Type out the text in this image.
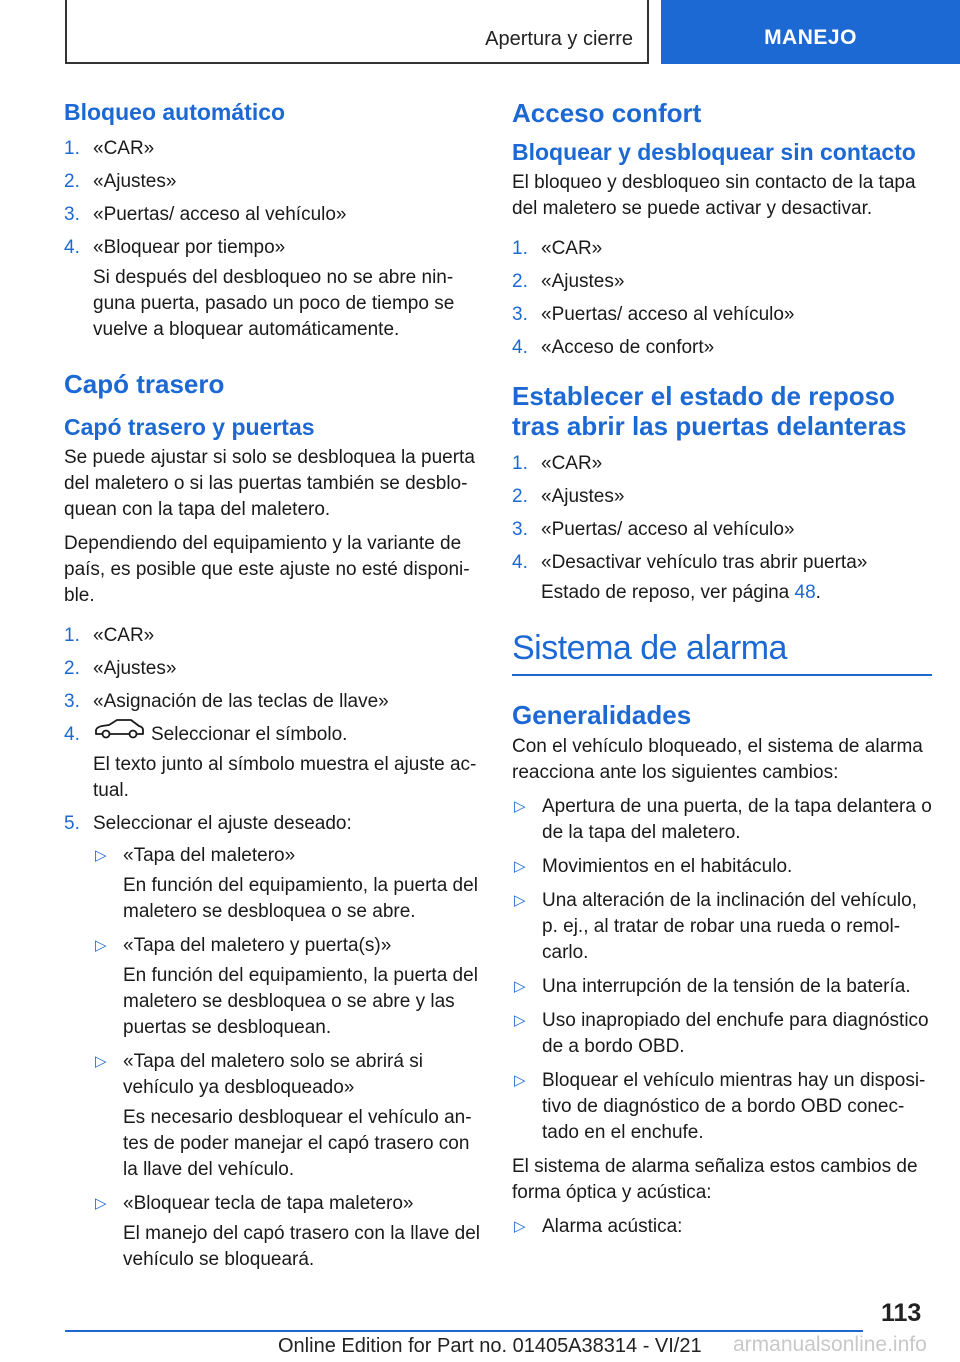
Apertura y cierre	MANEJO
Bloqueo automático
1. «CAR»
2. «Ajustes»
3. «Puertas/ acceso al vehículo»
4. «Bloquear por tiempo»
Si después del desbloqueo no se abre nin‐ guna puerta, pasado un poco de tiempo se vuelve a bloquear automáticamente.
Capó trasero
Capó trasero y puertas

Se puede ajustar si solo se desbloquea la puerta del maletero o si las puertas también se desblo‐ quean con la tapa del maletero.

Dependiendo del equipamiento y la variante de país, es posible que este ajuste no esté disponi‐ ble.

1. «CAR»
2. «Ajustes»
3. «Asignación de las teclas de llave»
4.	Seleccionar el símbolo.
El texto junto al símbolo muestra el ajuste ac‐ tual.
5. Seleccionar el ajuste deseado:
▷ «Tapa del maletero»
En función del equipamiento, la puerta del maletero se desbloquea o se abre.
▷ «Tapa del maletero y puerta(s)»
En función del equipamiento, la puerta del maletero se desbloquea o se abre y las puertas se desbloquean.
▷ «Tapa del maletero solo se abrirá si vehículo ya desbloqueado»
Es necesario desbloquear el vehículo an‐ tes de poder manejar el capó trasero con la llave del vehículo.
▷ «Bloquear tecla de tapa maletero»
El manejo del capó trasero con la llave del vehículo se bloqueará.
Acceso confort
Bloquear y desbloquear sin contacto

El bloqueo y desbloqueo sin contacto de la tapa del maletero se puede activar y desactivar.

1. «CAR»
2. «Ajustes»
3. «Puertas/ acceso al vehículo»
4. «Acceso de confort»
Establecer el estado de reposo tras abrir las puertas delanteras
1. «CAR»
2. «Ajustes»
3. «Puertas/ acceso al vehículo»
4. «Desactivar vehículo tras abrir puerta»
Estado de reposo, ver página 48.
Sistema de alarma
Generalidades

Con el vehículo bloqueado, el sistema de alarma reacciona ante los siguientes cambios:

▷ Apertura de una puerta, de la tapa delantera o de la tapa del maletero.
▷ Movimientos en el habitáculo.
▷ Una alteración de la inclinación del vehículo, p. ej., al tratar de robar una rueda o remol‐ carlo.
▷ Una interrupción de la tensión de la batería.
▷ Uso inapropiado del enchufe para diagnóstico de a bordo OBD.
▷ Bloquear el vehículo mientras hay un disposi‐ tivo de diagnóstico de a bordo OBD conec‐ tado en el enchufe.

El sistema de alarma señaliza estos cambios de forma óptica y acústica:

▷ Alarma acústica:
113
Online Edition for Part no. 01405A38314 - VI/21 armanualsonline.info
